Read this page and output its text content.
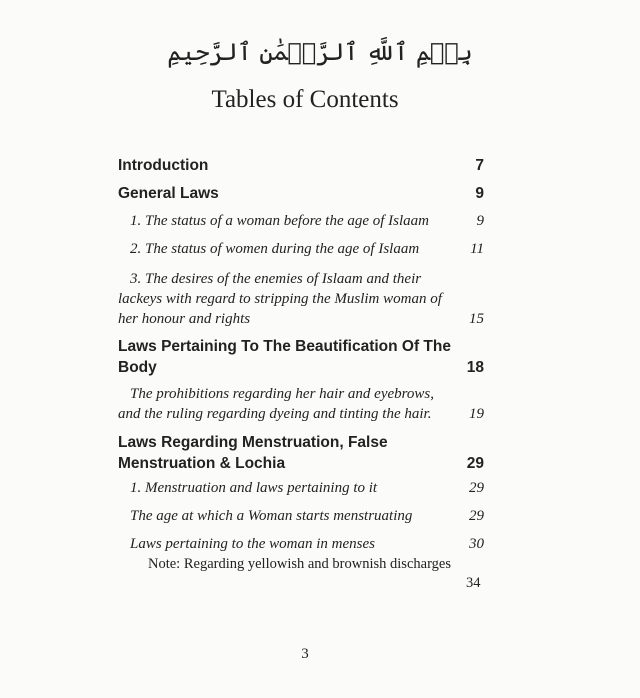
بِسۡمِ ٱللَّهِ ٱلرَّحۡمَٰنِ ٱلرَّحِيمِ
Tables of Contents
Introduction	7
General Laws	9
1. The status of a woman before the age of Islaam	9
2. The status of women during the age of Islaam	11
3. The desires of the enemies of Islaam and their
lackeys with regard to stripping the Muslim woman of
her honour and rights	15
Laws Pertaining To The Beautification Of The
Body	18
The prohibitions regarding her hair and eyebrows,
and the ruling regarding dyeing and tinting the hair.	19
Laws Regarding Menstruation, False
Menstruation & Lochia	29
1. Menstruation and laws pertaining to it	29
The age at which a Woman starts menstruating	29
Laws pertaining to the woman in menses	30
Note: Regarding yellowish and brownish discharges
34
3
